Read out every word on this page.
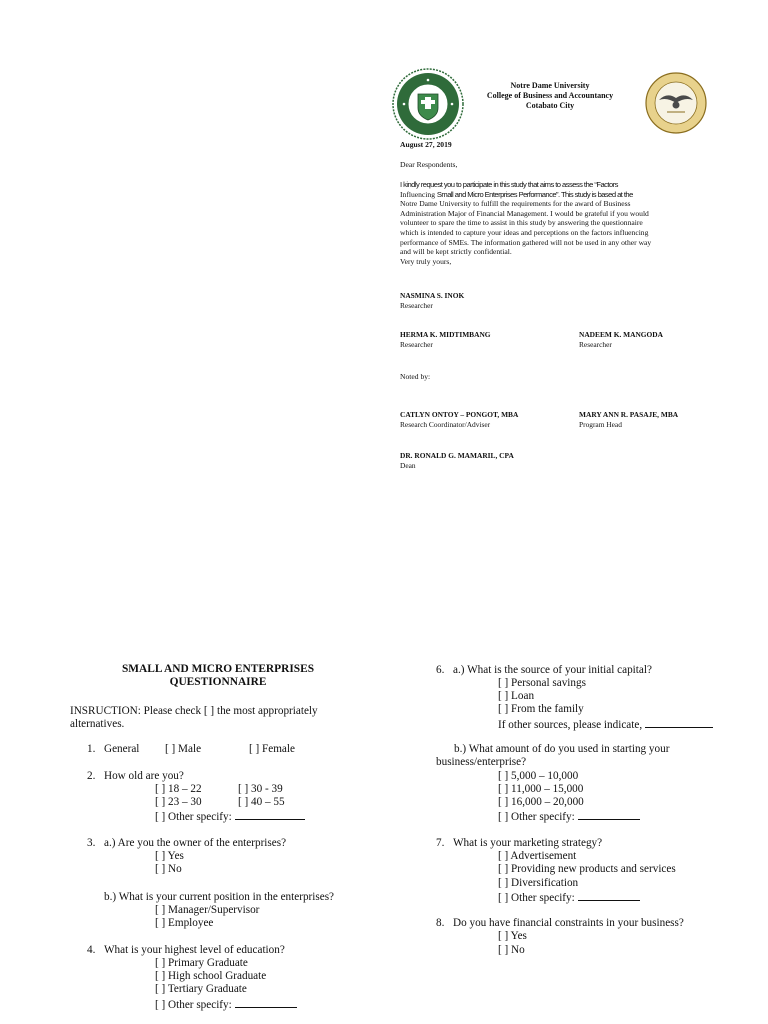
Notre Dame University
College of Business and Accountancy
Cotabato City
August 27, 2019
Dear Respondents,
I kindly request you to participate in this study that aims to assess the “Factors
Influencing Small and Micro Enterprises Performance”. This study is based at the
Notre Dame University to fulfill the requirements for the award of Business
Administration Major of Financial Management. I would be grateful if you would
volunteer to spare the time to assist in this study by answering the questionnaire
which is intended to capture your ideas and perceptions on the factors influencing
performance of SMEs. The information gathered will not be used in any other way
and will be kept strictly confidential.
Very truly yours,
NASMINA S. INOK
Researcher
HERMA K. MIDTIMBANG
Researcher
NADEEM K. MANGODA
Researcher
Noted by:
CATLYN ONTOY – PONGOT, MBA
Research Coordinator/Adviser
MARY ANN R. PASAJE, MBA
Program Head
DR. RONALD G. MAMARIL, CPA
Dean
SMALL AND MICRO ENTERPRISES
QUESTIONNAIRE
INSRUCTION: Please check [ ] the most appropriately
alternatives.
1. General [ ] Male	[ ] Female
2. How old are you?
[ ] 18 – 22	[ ] 30 - 39
[ ] 23 – 30	[ ] 40 – 55
[ ] Other specify:
3. a.) Are you the owner of the enterprises?
[ ] Yes
[ ] No
b.) What is your current position in the enterprises?
[ ] Manager/Supervisor
[ ] Employee
4. What is your highest level of education?
[ ] Primary Graduate
[ ] High school Graduate
[ ] Tertiary Graduate
[ ] Other specify:
6. a.) What is the source of your initial capital?
[ ] Personal savings
[ ] Loan
[ ] From the family
If other sources, please indicate,
b.) What amount of do you used in starting your
business/enterprise?
[ ] 5,000 – 10,000
[ ] 11,000 – 15,000
[ ] 16,000 – 20,000
[ ] Other specify:
7. What is your marketing strategy?
[ ] Advertisement
[ ] Providing new products and services
[ ] Diversification
[ ] Other specify:
8. Do you have financial constraints in your business?
[ ] Yes
[ ] No
